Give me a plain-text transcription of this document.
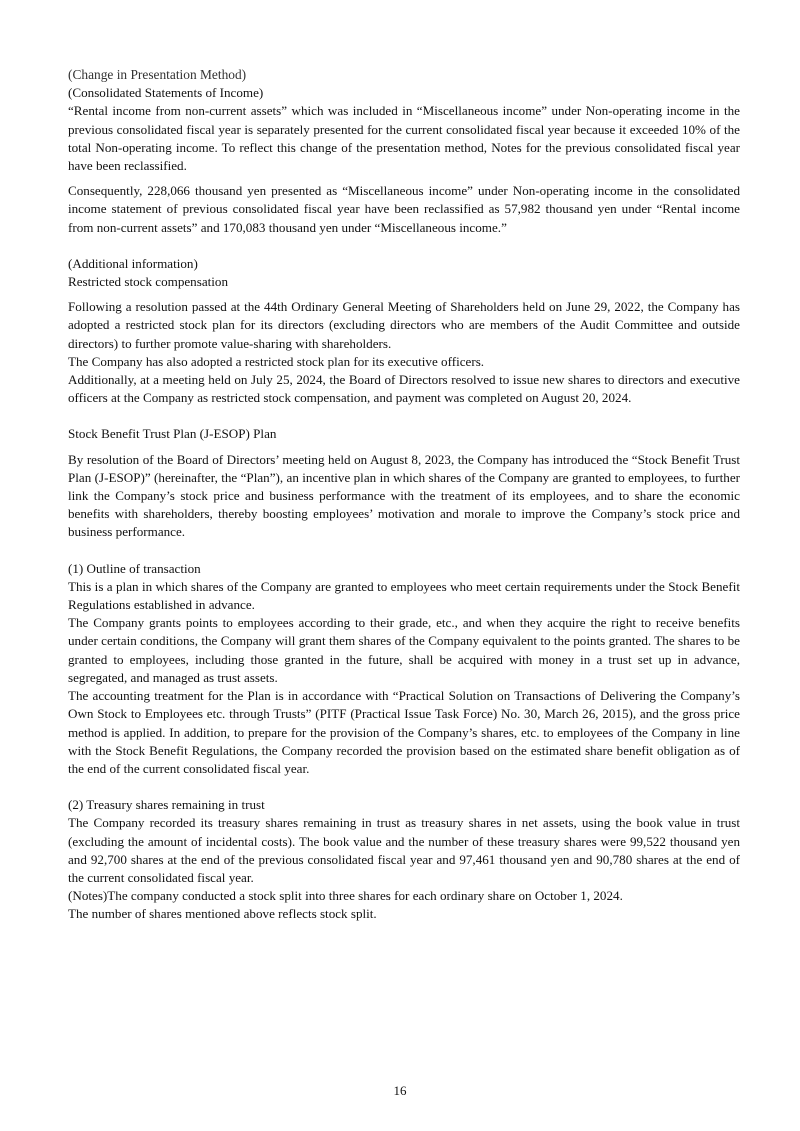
(Change in Presentation Method)

(Consolidated Statements of Income)

“Rental income from non-current assets” which was included in “Miscellaneous income” under Non-operating income in the previous consolidated fiscal year is separately presented for the current consolidated fiscal year because it exceeded 10% of the total Non-operating income. To reflect this change of the presentation method, Notes for the previous consolidated fiscal year have been reclassified.

Consequently, 228,066 thousand yen presented as “Miscellaneous income” under Non-operating income in the consolidated income statement of previous consolidated fiscal year have been reclassified as 57,982 thousand yen under “Rental income from non-current assets” and 170,083 thousand yen under “Miscellaneous income.”

(Additional information)

Restricted stock compensation

Following a resolution passed at the 44th Ordinary General Meeting of Shareholders held on June 29, 2022, the Company has adopted a restricted stock plan for its directors (excluding directors who are members of the Audit Committee and outside directors) to further promote value-sharing with shareholders.

The Company has also adopted a restricted stock plan for its executive officers.

Additionally, at a meeting held on July 25, 2024, the Board of Directors resolved to issue new shares to directors and executive officers at the Company as restricted stock compensation, and payment was completed on August 20, 2024.

Stock Benefit Trust Plan (J-ESOP) Plan

By resolution of the Board of Directors’ meeting held on August 8, 2023, the Company has introduced the “Stock Benefit Trust Plan (J-ESOP)” (hereinafter, the “Plan”), an incentive plan in which shares of the Company are granted to employees, to further link the Company’s stock price and business performance with the treatment of its employees, and to share the economic benefits with shareholders, thereby boosting employees’ motivation and morale to improve the Company’s stock price and business performance.

(1) Outline of transaction

This is a plan in which shares of the Company are granted to employees who meet certain requirements under the Stock Benefit Regulations established in advance.

The Company grants points to employees according to their grade, etc., and when they acquire the right to receive benefits under certain conditions, the Company will grant them shares of the Company equivalent to the points granted. The shares to be granted to employees, including those granted in the future, shall be acquired with money in a trust set up in advance, segregated, and managed as trust assets.

The accounting treatment for the Plan is in accordance with “Practical Solution on Transactions of Delivering the Company’s Own Stock to Employees etc. through Trusts” (PITF (Practical Issue Task Force) No. 30, March 26, 2015), and the gross price method is applied. In addition, to prepare for the provision of the Company’s shares, etc. to employees of the Company in line with the Stock Benefit Regulations, the Company recorded the provision based on the estimated share benefit obligation as of the end of the current consolidated fiscal year.

(2) Treasury shares remaining in trust

The Company recorded its treasury shares remaining in trust as treasury shares in net assets, using the book value in trust (excluding the amount of incidental costs). The book value and the number of these treasury shares were 99,522 thousand yen and 92,700 shares at the end of the previous consolidated fiscal year and 97,461 thousand yen and 90,780 shares at the end of the current consolidated fiscal year.

(Notes)The company conducted a stock split into three shares for each ordinary share on October 1, 2024.

The number of shares mentioned above reflects stock split.

16
